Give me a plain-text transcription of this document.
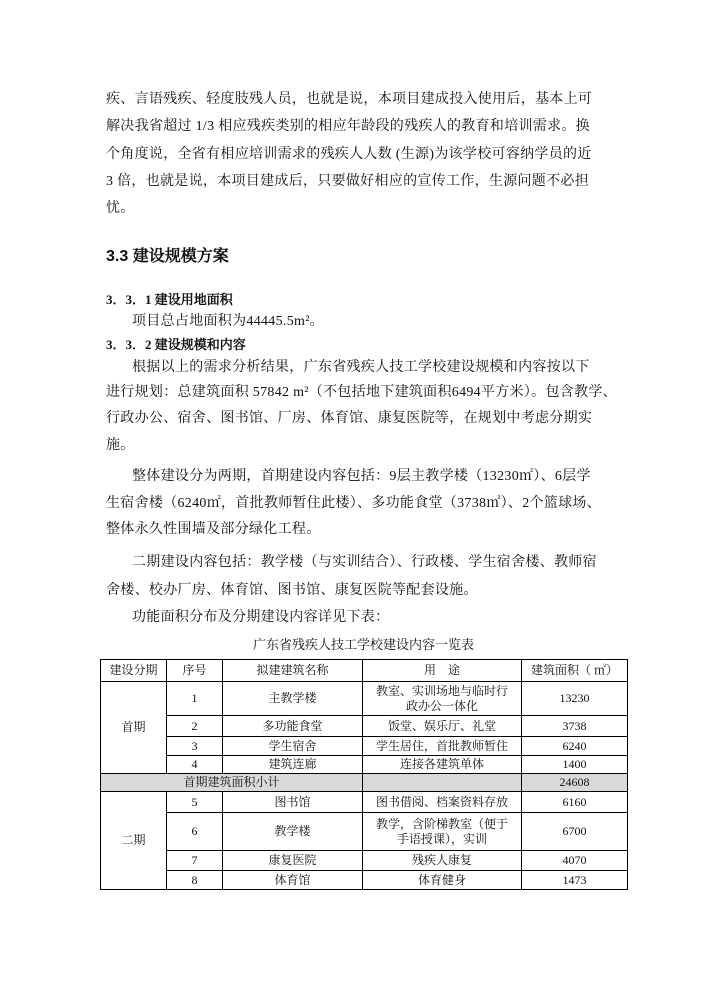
疾、言语残疾、轻度肢残人员，也就是说，本项目建成投入使用后，基本上可
解决我省超过 1/3 相应残疾类别的相应年龄段的残疾人的教育和培训需求。换
个角度说，全省有相应培训需求的残疾人人数 (生源)为该学校可容纳学员的近
3 倍，也就是说，本项目建成后，只要做好相应的宣传工作，生源问题不必担
忧。
3.3 建设规模方案
3．3．1 建设用地面积
项目总占地面积为44445.5m²。
3．3．2 建设规模和内容
根据以上的需求分析结果，广东省残疾人技工学校建设规模和内容按以下
进行规划：总建筑面积 57842 m²（不包括地下建筑面积6494平方米）。包含教学、
行政办公、宿舍、图书馆、厂房、体育馆、康复医院等，在规划中考虑分期实
施。
整体建设分为两期，首期建设内容包括：9层主教学楼（13230㎡）、6层学
生宿舍楼（6240㎡，首批教师暂住此楼）、多功能食堂（3738㎡）、2个篮球场、
整体永久性围墙及部分绿化工程。
二期建设内容包括：教学楼（与实训结合）、行政楼、学生宿舍楼、教师宿
舍楼、校办厂房、体育馆、图书馆、康复医院等配套设施。
功能面积分布及分期建设内容详见下表：
广东省残疾人技工学校建设内容一览表
建设分期	序号	拟建建筑名称	用　途	建筑面积（ ㎡）
首期	1	主教学楼	教室、实训场地与临时行
政办公一体化	13230
	2	多功能食堂	饭堂、娱乐厅、礼堂	3738
	3	学生宿舍	学生居住，首批教师暂住	6240
	4	建筑连廊	连接各建筑单体	1400
首期建筑面积小计				24608
二期	5	图书馆	图书借阅、档案资料存放	6160
	6	教学楼	教学，含阶梯教室（便于
手语授课），实训	6700
	7	康复医院	残疾人康复	4070
	8	体育馆	体育健身	1473
